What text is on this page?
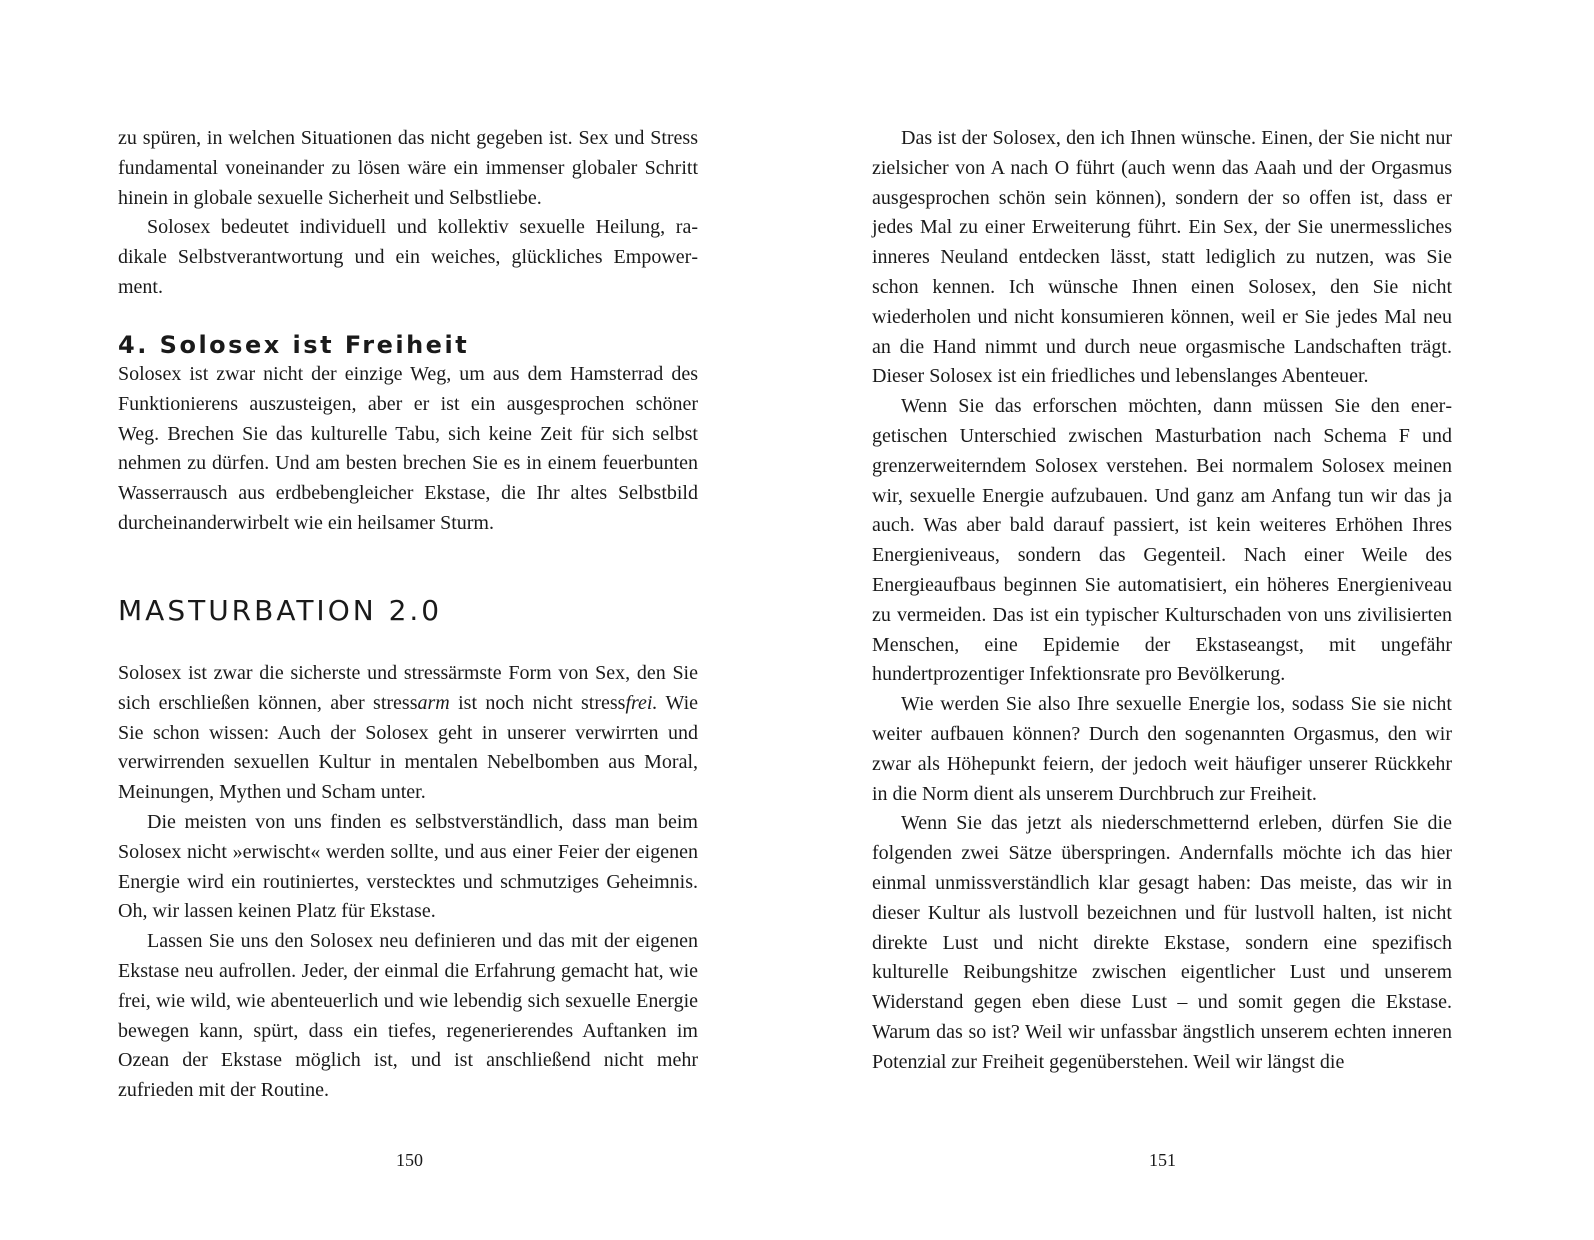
zu spüren, in welchen Situationen das nicht gegeben ist. Sex und Stress fundamental voneinander zu lösen wäre ein immenser globaler Schritt hinein in globale sexuelle Sicherheit und Selbstliebe.

Solosex bedeutet individuell und kollektiv sexuelle Heilung, radikale Selbstverantwortung und ein weiches, glückliches Empowerment.

4. Solosex ist Freiheit

Solosex ist zwar nicht der einzige Weg, um aus dem Hamsterrad des Funktionierens auszusteigen, aber er ist ein ausgesprochen schöner Weg. Brechen Sie das kulturelle Tabu, sich keine Zeit für sich selbst nehmen zu dürfen. Und am besten brechen Sie es in einem feuerbunten Wasserrausch aus erdbebengleicher Ekstase, die Ihr altes Selbstbild durcheinanderwirbelt wie ein heilsamer Sturm.

MASTURBATION 2.0

Solosex ist zwar die sicherste und stressärmste Form von Sex, den Sie sich erschließen können, aber stressarm ist noch nicht stressfrei. Wie Sie schon wissen: Auch der Solosex geht in unserer verwirrten und verwirrenden sexuellen Kultur in mentalen Nebelbomben aus Moral, Meinungen, Mythen und Scham unter.

Die meisten von uns finden es selbstverständlich, dass man beim Solosex nicht »erwischt« werden sollte, und aus einer Feier der eigenen Energie wird ein routiniertes, verstecktes und schmutziges Geheimnis. Oh, wir lassen keinen Platz für Ekstase.

Lassen Sie uns den Solosex neu definieren und das mit der eigenen Ekstase neu aufrollen. Jeder, der einmal die Erfahrung gemacht hat, wie frei, wie wild, wie abenteuerlich und wie lebendig sich sexuelle Energie bewegen kann, spürt, dass ein tiefes, regenerierendes Auftanken im Ozean der Ekstase möglich ist, und ist anschließend nicht mehr zufrieden mit der Routine.

150

Das ist der Solosex, den ich Ihnen wünsche. Einen, der Sie nicht nur zielsicher von A nach O führt (auch wenn das Aaah und der Orgasmus ausgesprochen schön sein können), sondern der so offen ist, dass er jedes Mal zu einer Erweiterung führt. Ein Sex, der Sie unermessliches inneres Neuland entdecken lässt, statt lediglich zu nutzen, was Sie schon kennen. Ich wünsche Ihnen einen Solosex, den Sie nicht wiederholen und nicht konsumieren können, weil er Sie jedes Mal neu an die Hand nimmt und durch neue orgasmische Landschaften trägt. Dieser Solosex ist ein friedliches und lebenslanges Abenteuer.

Wenn Sie das erforschen möchten, dann müssen Sie den energetischen Unterschied zwischen Masturbation nach Schema F und grenzerweiterndem Solosex verstehen. Bei normalem Solosex meinen wir, sexuelle Energie aufzubauen. Und ganz am Anfang tun wir das ja auch. Was aber bald darauf passiert, ist kein weiteres Erhöhen Ihres Energieniveaus, sondern das Gegenteil. Nach einer Weile des Energieaufbaus beginnen Sie automatisiert, ein höheres Energieniveau zu vermeiden. Das ist ein typischer Kulturschaden von uns zivilisierten Menschen, eine Epidemie der Ekstaseangst, mit ungefähr hundertprozentiger Infektionsrate pro Bevölkerung.

Wie werden Sie also Ihre sexuelle Energie los, sodass Sie sie nicht weiter aufbauen können? Durch den sogenannten Orgasmus, den wir zwar als Höhepunkt feiern, der jedoch weit häufiger unserer Rückkehr in die Norm dient als unserem Durchbruch zur Freiheit.

Wenn Sie das jetzt als niederschmetternd erleben, dürfen Sie die folgenden zwei Sätze überspringen. Andernfalls möchte ich das hier einmal unmissverständlich klar gesagt haben: Das meiste, das wir in dieser Kultur als lustvoll bezeichnen und für lustvoll halten, ist nicht direkte Lust und nicht direkte Ekstase, sondern eine spezifisch kulturelle Reibungshitze zwischen eigentlicher Lust und unserem Widerstand gegen eben diese Lust – und somit gegen die Ekstase. Warum das so ist? Weil wir unfassbar ängstlich unserem echten inneren Potenzial zur Freiheit gegenüberstehen. Weil wir längst die

151
